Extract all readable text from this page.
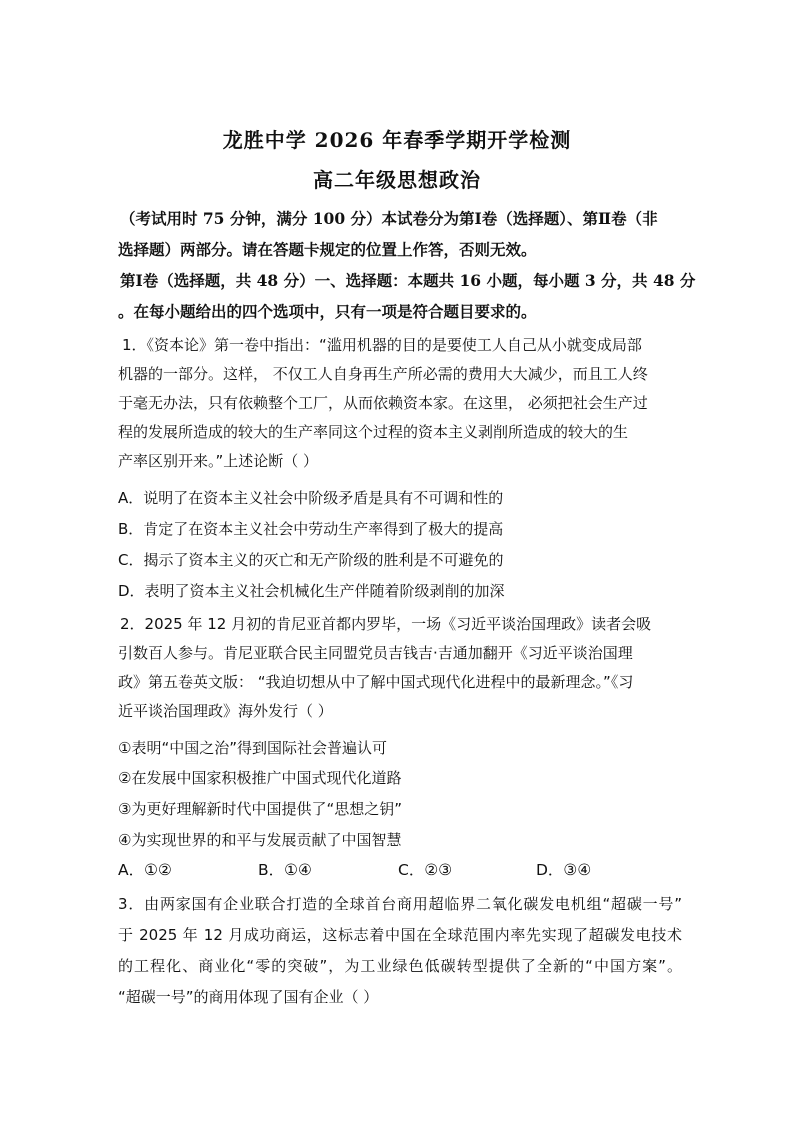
龙胜中学 2026 年春季学期开学检测
高二年级思想政治
（考试用时 75 分钟，满分 100 分）本试卷分为第Ⅰ卷（选择题）、第Ⅱ卷（非
选择题）两部分。请在答题卡规定的位置上作答，否则无效。
第Ⅰ卷（选择题，共 48 分）一、选择题：本题共 16 小题，每小题 3 分，共 48 分
。在每小题给出的四个选项中，只有一项是符合题目要求的。
1．《资本论》第一卷中指出：“滥用机器的目的是要使工人自己从小就变成局部
机器的一部分。这样， 不仅工人自身再生产所必需的费用大大减少，而且工人终
于毫无办法，只有依赖整个工厂，从而依赖资本家。在这里， 必须把社会生产过
程的发展所造成的较大的生产率同这个过程的资本主义剥削所造成的较大的生
产率区别开来。”上述论断（ ）
A．说明了在资本主义社会中阶级矛盾是具有不可调和性的
B．肯定了在资本主义社会中劳动生产率得到了极大的提高
C．揭示了资本主义的灭亡和无产阶级的胜利是不可避免的
D．表明了资本主义社会机械化生产伴随着阶级剥削的加深
2．2025 年 12 月初的肯尼亚首都内罗毕，一场《习近平谈治国理政》读者会吸
引数百人参与。肯尼亚联合民主同盟党员吉钱吉·吉通加翻开《习近平谈治国理
政》第五卷英文版： “我迫切想从中了解中国式现代化进程中的最新理念。”《习
近平谈治国理政》海外发行（ ）
①表明“中国之治”得到国际社会普遍认可
②在发展中国家积极推广中国式现代化道路
③为更好理解新时代中国提供了“思想之钥”
④为实现世界的和平与发展贡献了中国智慧
A．①②	B．①④	C．②③	D．③④
3．由两家国有企业联合打造的全球首台商用超临界二氧化碳发电机组“超碳一号”
于 2025 年 12 月成功商运，这标志着中国在全球范围内率先实现了超碳发电技术
的工程化、商业化“零的突破”，为工业绿色低碳转型提供了全新的“中国方案”。
“超碳一号”的商用体现了国有企业（ ）
